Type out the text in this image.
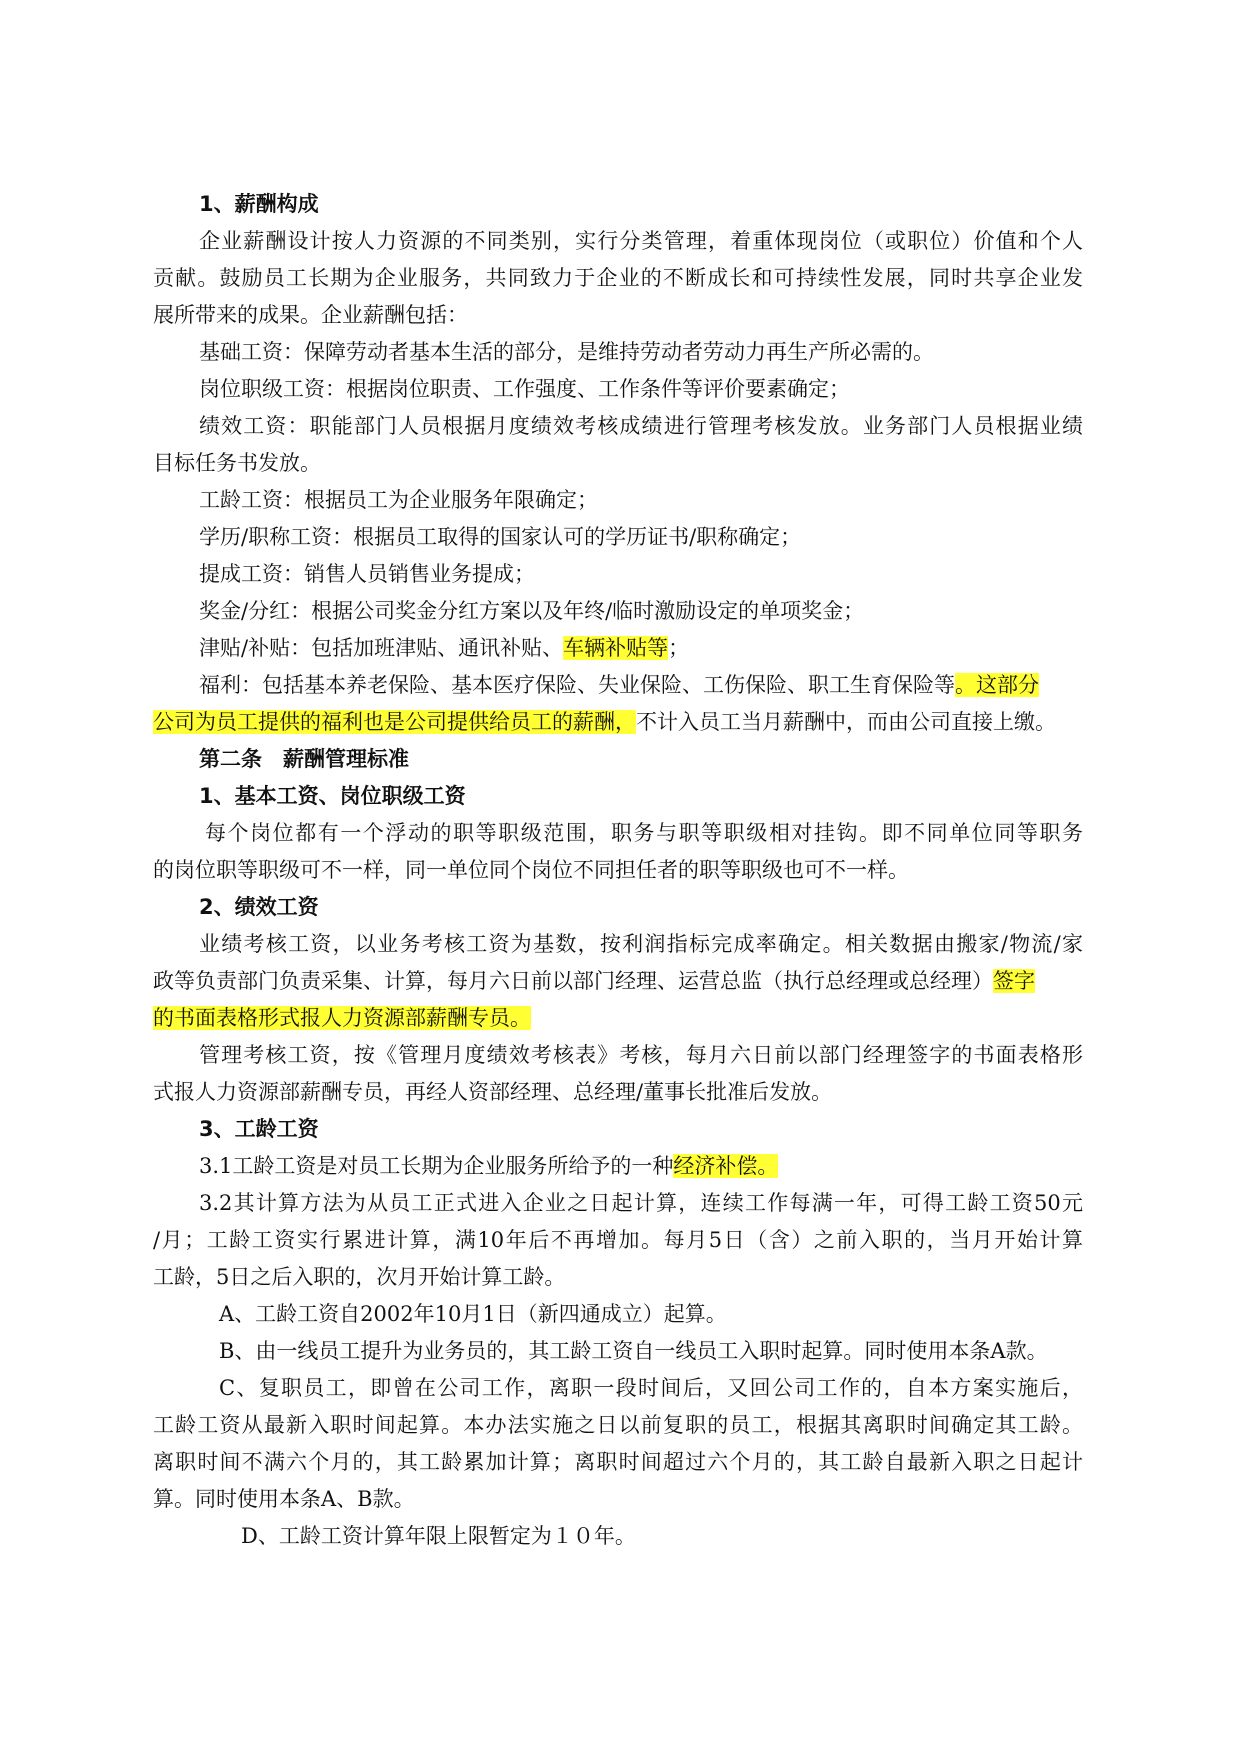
1、薪酬构成
企业薪酬设计按人力资源的不同类别，实行分类管理，着重体现岗位（或职位）价值和个人
贡献。鼓励员工长期为企业服务，共同致力于企业的不断成长和可持续性发展，同时共享企业发
展所带来的成果。企业薪酬包括：
基础工资：保障劳动者基本生活的部分，是维持劳动者劳动力再生产所必需的。
岗位职级工资：根据岗位职责、工作强度、工作条件等评价要素确定；
绩效工资：职能部门人员根据月度绩效考核成绩进行管理考核发放。业务部门人员根据业绩
目标任务书发放。
工龄工资：根据员工为企业服务年限确定；
学历/职称工资：根据员工取得的国家认可的学历证书/职称确定；
提成工资：销售人员销售业务提成；
奖金/分红：根据公司奖金分红方案以及年终/临时激励设定的单项奖金；
津贴/补贴：包括加班津贴、通讯补贴、车辆补贴等；
福利：包括基本养老保险、基本医疗保险、失业保险、工伤保险、职工生育保险等。这部分
公司为员工提供的福利也是公司提供给员工的薪酬，不计入员工当月薪酬中，而由公司直接上缴。
第二条　薪酬管理标准
1、基本工资、岗位职级工资
每个岗位都有一个浮动的职等职级范围，职务与职等职级相对挂钩。即不同单位同等职务
的岗位职等职级可不一样，同一单位同个岗位不同担任者的职等职级也可不一样。
2、绩效工资
业绩考核工资，以业务考核工资为基数，按利润指标完成率确定。相关数据由搬家/物流/家
政等负责部门负责采集、计算，每月六日前以部门经理、运营总监（执行总经理或总经理）签字
的书面表格形式报人力资源部薪酬专员。
管理考核工资，按《管理月度绩效考核表》考核，每月六日前以部门经理签字的书面表格形
式报人力资源部薪酬专员，再经人资部经理、总经理/董事长批准后发放。
3、工龄工资
3.1工龄工资是对员工长期为企业服务所给予的一种经济补偿。
3.2其计算方法为从员工正式进入企业之日起计算，连续工作每满一年，可得工龄工资50元
/月；工龄工资实行累进计算，满10年后不再增加。每月5日（含）之前入职的，当月开始计算
工龄，5日之后入职的，次月开始计算工龄。
A、工龄工资自2002年10月1日（新四通成立）起算。
B、由一线员工提升为业务员的，其工龄工资自一线员工入职时起算。同时使用本条A款。
C、复职员工，即曾在公司工作，离职一段时间后，又回公司工作的，自本方案实施后，
工龄工资从最新入职时间起算。本办法实施之日以前复职的员工，根据其离职时间确定其工龄。
离职时间不满六个月的，其工龄累加计算；离职时间超过六个月的，其工龄自最新入职之日起计
算。同时使用本条A、B款。
D、工龄工资计算年限上限暂定为１０年。
